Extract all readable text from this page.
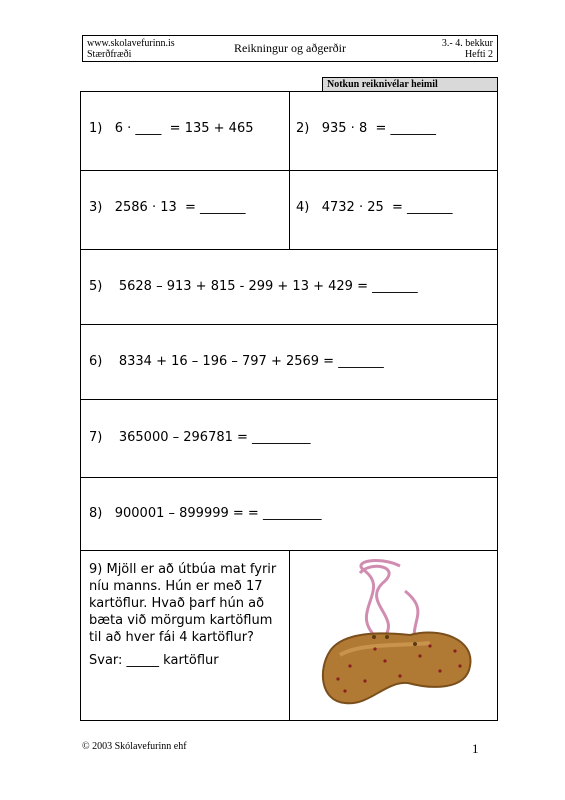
www.skolavefurinn.is
Stærðfræði	Reikningur og aðgerðir	3.- 4. bekkur
Hefti 2
Notkun reiknivélar heimil
1)   6 · ____  = 135 + 465	2)   935 · 8  = _______
3)   2586 · 13  = _______	4)   4732 · 25  = _______
5)    5628 – 913 + 815 - 299 + 13 + 429 = _______
6)    8334 + 16 – 196 – 797 + 2569 = _______
7)    365000 – 296781 = _________
8)   900001 – 899999 = = _________

9) Mjöll er að útbúa mat fyrir níu manns. Hún er með 17 kartöflur. Hvað þarf hún að bæta við mörgum kartöflum til að hver fái 4 kartöflur?

Svar: _____ kartöflur

© 2003 Skólavefurinn ehf	1
